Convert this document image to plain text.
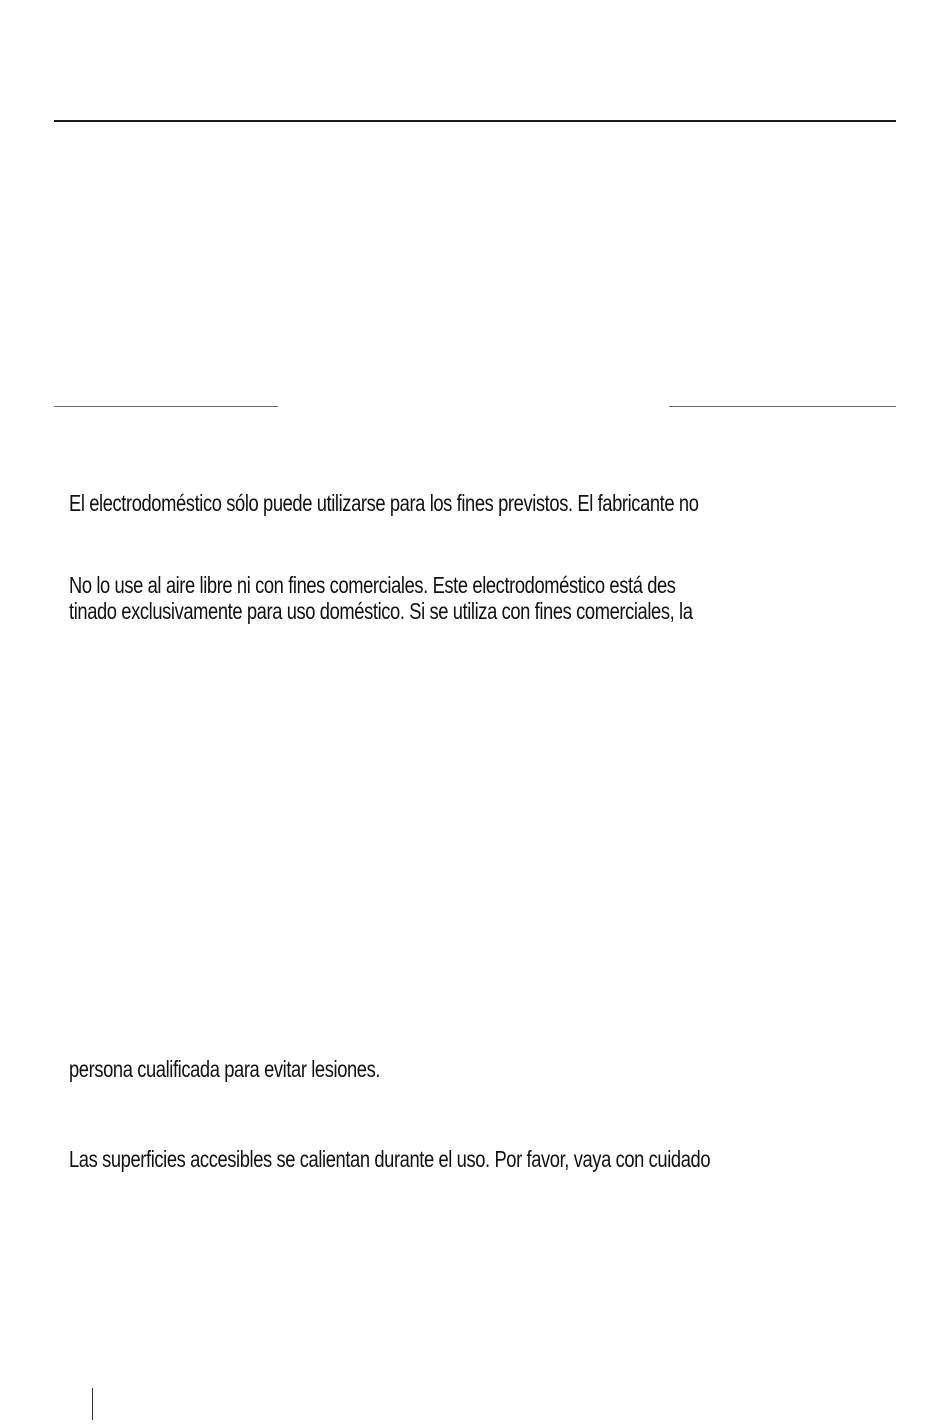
El electrodoméstico sólo puede utilizarse para los fines previstos. El fabricante no
No lo use al aire libre ni con fines comerciales. Este electrodoméstico está des
tinado exclusivamente para uso doméstico. Si se utiliza con fines comerciales, la
persona cualificada para evitar lesiones.
Las superficies accesibles se calientan durante el uso. Por favor, vaya con cuidado
